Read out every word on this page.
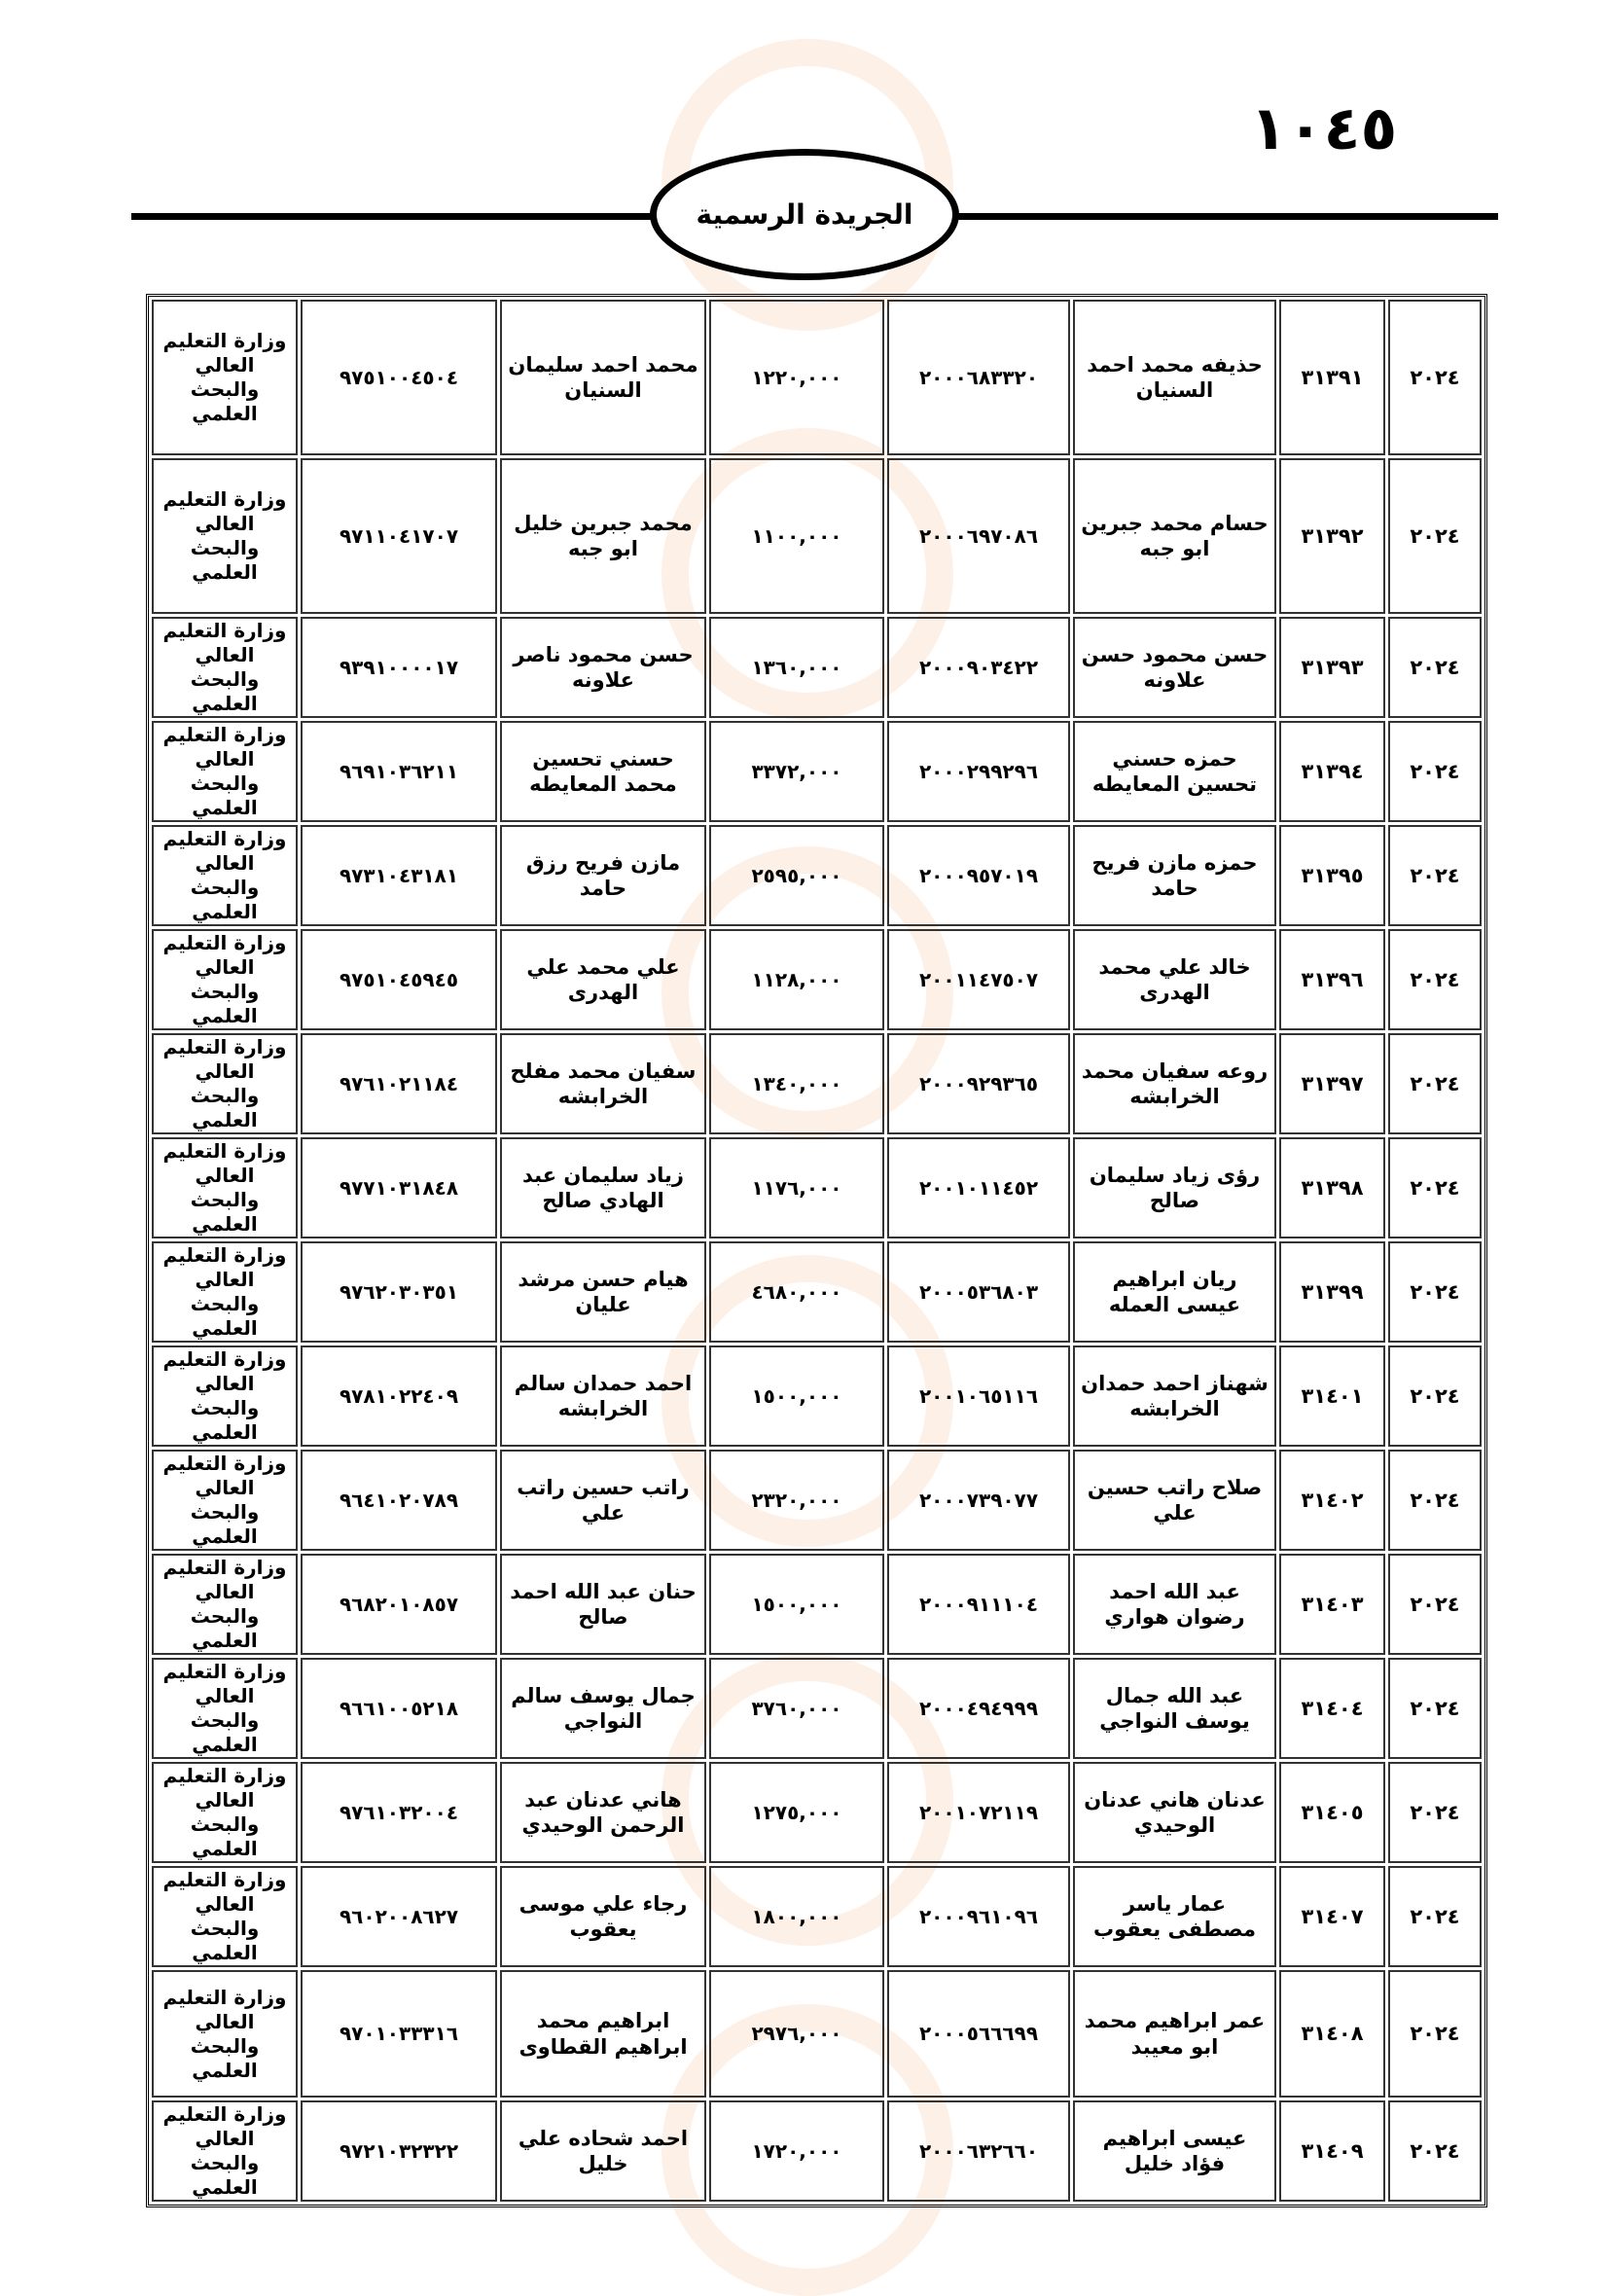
١٠٤٥
الجريدة الرسمية
٢٠٢٤	٣١٣٩١	حذيفه محمد احمد السنيان	٢٠٠٠٦٨٣٣٢٠	١٢٢٠,٠٠٠	محمد احمد سليمان السنيان	٩٧٥١٠٠٤٥٠٤	وزارة التعليم العالي والبحث العلمي
٢٠٢٤	٣١٣٩٢	حسام محمد جبرين ابو جبه	٢٠٠٠٦٩٧٠٨٦	١١٠٠,٠٠٠	محمد جبرين خليل ابو جبه	٩٧١١٠٤١٧٠٧	وزارة التعليم العالي والبحث العلمي
٢٠٢٤	٣١٣٩٣	حسن محمود حسن علاونه	٢٠٠٠٩٠٣٤٢٢	١٣٦٠,٠٠٠	حسن محمود ناصر علاونه	٩٣٩١٠٠٠٠١٧	وزارة التعليم العالي والبحث العلمي
٢٠٢٤	٣١٣٩٤	حمزه حسني تحسين المعايطه	٢٠٠٠٢٩٩٢٩٦	٣٣٧٢,٠٠٠	حسني تحسين محمد المعايطه	٩٦٩١٠٣٦٢١١	وزارة التعليم العالي والبحث العلمي
٢٠٢٤	٣١٣٩٥	حمزه مازن فريح حامد	٢٠٠٠٩٥٧٠١٩	٢٥٩٥,٠٠٠	مازن فريح رزق حامد	٩٧٣١٠٤٣١٨١	وزارة التعليم العالي والبحث العلمي
٢٠٢٤	٣١٣٩٦	خالد علي محمد الهدرى	٢٠٠١١٤٧٥٠٧	١١٢٨,٠٠٠	علي محمد علي الهدرى	٩٧٥١٠٤٥٩٤٥	وزارة التعليم العالي والبحث العلمي
٢٠٢٤	٣١٣٩٧	روعه سفيان محمد الخرابشه	٢٠٠٠٩٢٩٣٦٥	١٣٤٠,٠٠٠	سفيان محمد مفلح الخرابشه	٩٧٦١٠٢١١٨٤	وزارة التعليم العالي والبحث العلمي
٢٠٢٤	٣١٣٩٨	رؤى زياد سليمان صالح	٢٠٠١٠١١٤٥٢	١١٧٦,٠٠٠	زياد سليمان عبد الهادي صالح	٩٧٧١٠٣١٨٤٨	وزارة التعليم العالي والبحث العلمي
٢٠٢٤	٣١٣٩٩	ريان ابراهيم عيسى العمله	٢٠٠٠٥٣٦٨٠٣	٤٦٨٠,٠٠٠	هيام حسن مرشد عليان	٩٧٦٢٠٣٠٣٥١	وزارة التعليم العالي والبحث العلمي
٢٠٢٤	٣١٤٠١	شهناز احمد حمدان الخرابشه	٢٠٠١٠٦٥١١٦	١٥٠٠,٠٠٠	احمد حمدان سالم الخرابشه	٩٧٨١٠٢٢٤٠٩	وزارة التعليم العالي والبحث العلمي
٢٠٢٤	٣١٤٠٢	صلاح راتب حسين علي	٢٠٠٠٧٣٩٠٧٧	٢٣٢٠,٠٠٠	راتب حسين راتب علي	٩٦٤١٠٢٠٧٨٩	وزارة التعليم العالي والبحث العلمي
٢٠٢٤	٣١٤٠٣	عبد الله احمد رضوان هواري	٢٠٠٠٩١١١٠٤	١٥٠٠,٠٠٠	حنان عبد الله احمد صالح	٩٦٨٢٠١٠٨٥٧	وزارة التعليم العالي والبحث العلمي
٢٠٢٤	٣١٤٠٤	عبد الله جمال يوسف النواجي	٢٠٠٠٤٩٤٩٩٩	٣٧٦٠,٠٠٠	جمال يوسف سالم النواجي	٩٦٦١٠٠٥٢١٨	وزارة التعليم العالي والبحث العلمي
٢٠٢٤	٣١٤٠٥	عدنان هاني عدنان الوحيدي	٢٠٠١٠٧٢١١٩	١٢٧٥,٠٠٠	هاني عدنان عبد الرحمن الوحيدي	٩٧٦١٠٣٢٠٠٤	وزارة التعليم العالي والبحث العلمي
٢٠٢٤	٣١٤٠٧	عمار ياسر مصطفى يعقوب	٢٠٠٠٩٦١٠٩٦	١٨٠٠,٠٠٠	رجاء علي موسى يعقوب	٩٦٠٢٠٠٨٦٢٧	وزارة التعليم العالي والبحث العلمي
٢٠٢٤	٣١٤٠٨	عمر ابراهيم محمد ابو معيبد	٢٠٠٠٥٦٦٦٩٩	٢٩٧٦,٠٠٠	ابراهيم محمد ابراهيم القطاوى	٩٧٠١٠٣٣٣١٦	وزارة التعليم العالي والبحث العلمي
٢٠٢٤	٣١٤٠٩	عيسى ابراهيم فؤاد خليل	٢٠٠٠٦٣٢٦٦٠	١٧٢٠,٠٠٠	احمد شحاده علي خليل	٩٧٢١٠٣٢٣٢٢	وزارة التعليم العالي والبحث العلمي
